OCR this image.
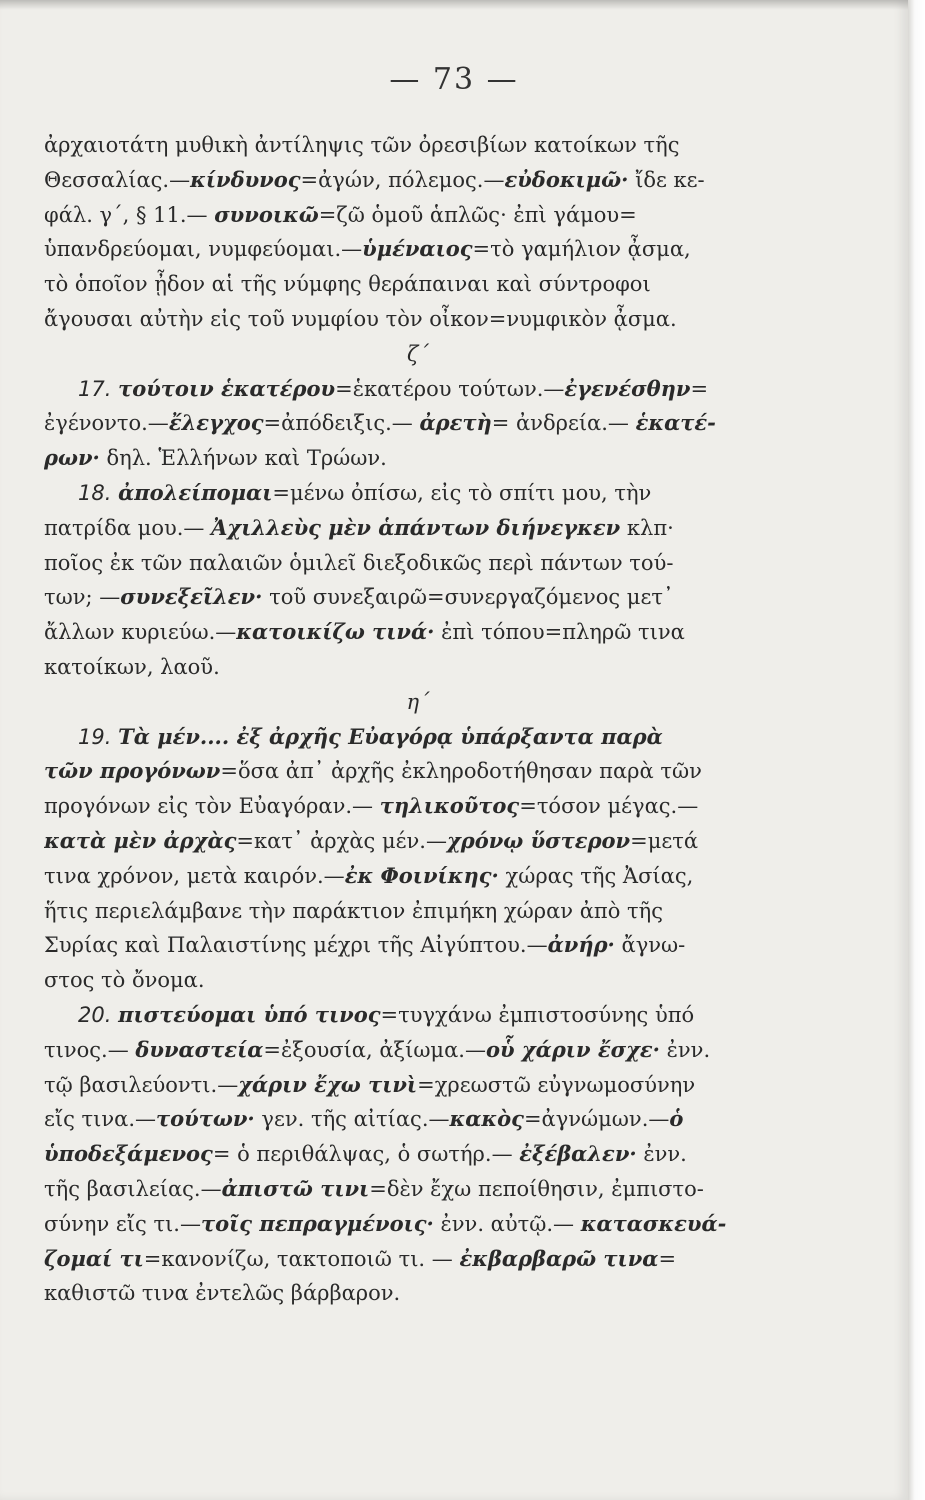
— 73 —
ἀρχαιοτάτη μυθικὴ ἀντίληψις τῶν ὀρεσιβίων κατοίκων τῆς
Θεσσαλίας.—κίνδυνος=ἀγών, πόλεμος.—εὐδοκιμῶ· ἴδε κε-
φάλ. γ΄, § 11.— συνοικῶ=ζῶ ὁμοῦ ἁπλῶς· ἐπὶ γάμου=
ὑπανδρεύομαι, νυμφεύομαι.—ὑμέναιος=τὸ γαμήλιον ᾆσμα,
τὸ ὁποῖον ᾖδον αἱ τῆς νύμφης θεράπαιναι καὶ σύντροφοι
ἄγουσαι αὐτὴν εἰς τοῦ νυμφίου τὸν οἶκον=νυμφικὸν ᾆσμα.
ζ΄
17. τούτοιν ἑκατέρου=ἑκατέρου τούτων.—ἐγενέσθην=
ἐγένοντο.—ἔλεγχος=ἀπόδειξις.— ἀρετὴ= ἀνδρεία.— ἑκατέ-
ρων· δηλ. Ἑλλήνων καὶ Τρώων.
18. ἀπολείπομαι=μένω ὀπίσω, εἰς τὸ σπίτι μου, τὴν
πατρίδα μου.— Ἀχιλλεὺς μὲν ἁπάντων διήνεγκεν κλπ·
ποῖος ἐκ τῶν παλαιῶν ὁμιλεῖ διεξοδικῶς περὶ πάντων τού-
των; —συνεξεῖλεν· τοῦ συνεξαιρῶ=συνεργαζόμενος μετ᾽
ἄλλων κυριεύω.—κατοικίζω τινά· ἐπὶ τόπου=πληρῶ τινα
κατοίκων, λαοῦ.
η΄
19. Τὰ μέν.... ἐξ ἀρχῆς Εὐαγόρᾳ ὑπάρξαντα παρὰ
τῶν προγόνων=ὅσα ἀπ᾽ ἀρχῆς ἐκληροδοτήθησαν παρὰ τῶν
προγόνων εἰς τὸν Εὐαγόραν.— τηλικοῦτος=τόσον μέγας.—
κατὰ μὲν ἀρχὰς=κατ᾽ ἀρχὰς μέν.—χρόνῳ ὕστερον=μετά
τινα χρόνον, μετὰ καιρόν.—ἐκ Φοινίκης· χώρας τῆς Ἀσίας,
ἥτις περιελάμβανε τὴν παράκτιον ἐπιμήκη χώραν ἀπὸ τῆς
Συρίας καὶ Παλαιστίνης μέχρι τῆς Αἰγύπτου.—ἀνήρ· ἄγνω-
στος τὸ ὄνομα.
20. πιστεύομαι ὑπό τινος=τυγχάνω ἐμπιστοσύνης ὑπό
τινος.— δυναστεία=ἐξουσία, ἀξίωμα.—οὗ χάριν ἔσχε· ἐνν.
τῷ βασιλεύοντι.—χάριν ἔχω τινὶ=χρεωστῶ εὐγνωμοσύνην
εἴς τινα.—τούτων· γεν. τῆς αἰτίας.—κακὸς=ἀγνώμων.—ὁ
ὑποδεξάμενος= ὁ περιθάλψας, ὁ σωτήρ.— ἐξέβαλεν· ἐνν.
τῆς βασιλείας.—ἀπιστῶ τινι=δὲν ἔχω πεποίθησιν, ἐμπιστο-
σύνην εἴς τι.—τοῖς πεπραγμένοις· ἐνν. αὐτῷ.— κατασκευά-
ζομαί τι=κανονίζω, τακτοποιῶ τι. — ἐκβαρβαρῶ τινα=
καθιστῶ τινα ἐντελῶς βάρβαρον.
